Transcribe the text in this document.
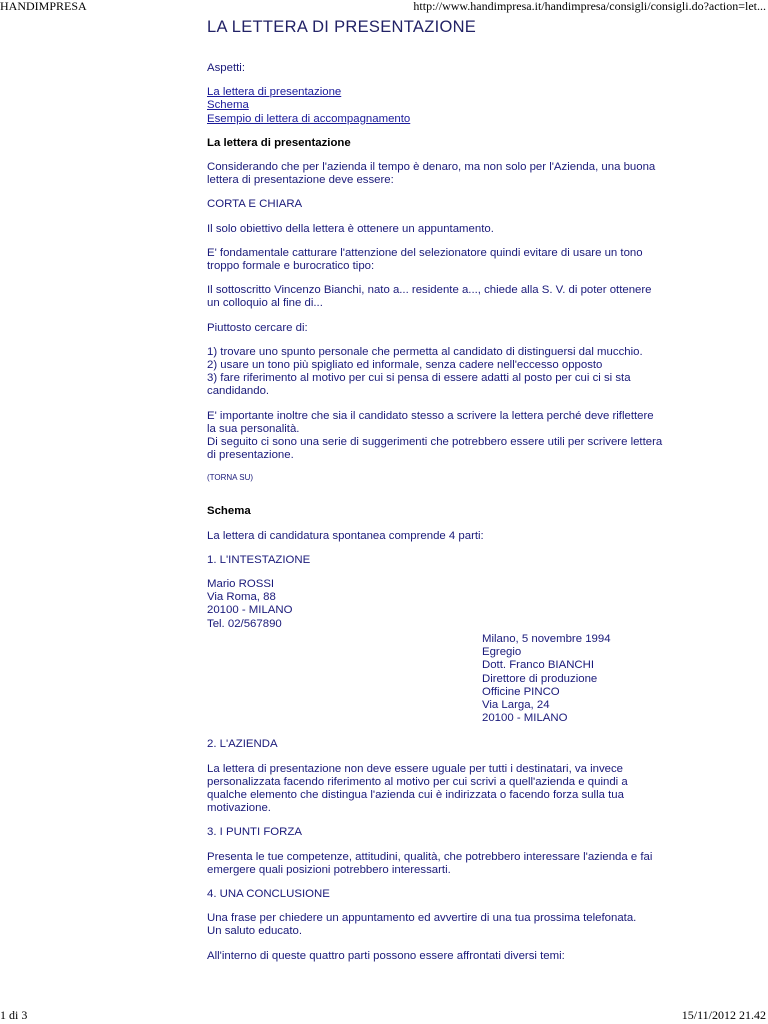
HANDIMPRESA	http://www.handimpresa.it/handimpresa/consigli/consigli.do?action=let...
LA LETTERA DI PRESENTAZIONE

Aspetti:

La lettera di presentazione
Schema
Esempio di lettera di accompagnamento

La lettera di presentazione

Considerando che per l'azienda il tempo è denaro, ma non solo per l'Azienda, una buona
lettera di presentazione deve essere:

CORTA E CHIARA

Il solo obiettivo della lettera è ottenere un appuntamento.

E' fondamentale catturare l'attenzione del selezionatore quindi evitare di usare un tono
troppo formale e burocratico tipo:

Il sottoscritto Vincenzo Bianchi, nato a... residente a..., chiede alla S. V. di poter ottenere
un colloquio al fine di...

Piuttosto cercare di:

1) trovare uno spunto personale che permetta al candidato di distinguersi dal mucchio.
2) usare un tono più spigliato ed informale, senza cadere nell'eccesso opposto
3) fare riferimento al motivo per cui si pensa di essere adatti al posto per cui ci si sta
candidando.

E' importante inoltre che sia il candidato stesso a scrivere la lettera perché deve riflettere
la sua personalità.
Di seguito ci sono una serie di suggerimenti che potrebbero essere utili per scrivere lettera
di presentazione.

(TORNA SU)

Schema

La lettera di candidatura spontanea comprende 4 parti:

1. L'INTESTAZIONE

Mario ROSSI
Via Roma, 88
20100 - MILANO
Tel. 02/567890

Milano, 5 novembre 1994
Egregio
Dott. Franco BIANCHI
Direttore di produzione
Officine PINCO
Via Larga, 24
20100 - MILANO

2. L'AZIENDA

La lettera di presentazione non deve essere uguale per tutti i destinatari, va invece
personalizzata facendo riferimento al motivo per cui scrivi a quell'azienda e quindi a
qualche elemento che distingua l'azienda cui è indirizzata o facendo forza sulla tua
motivazione.

3. I PUNTI FORZA

Presenta le tue competenze, attitudini, qualità, che potrebbero interessare l'azienda e fai
emergere quali posizioni potrebbero interessarti.

4. UNA CONCLUSIONE

Una frase per chiedere un appuntamento ed avvertire di una tua prossima telefonata.
Un saluto educato.

All'interno di queste quattro parti possono essere affrontati diversi temi:

1 di 3	15/11/2012 21.42
